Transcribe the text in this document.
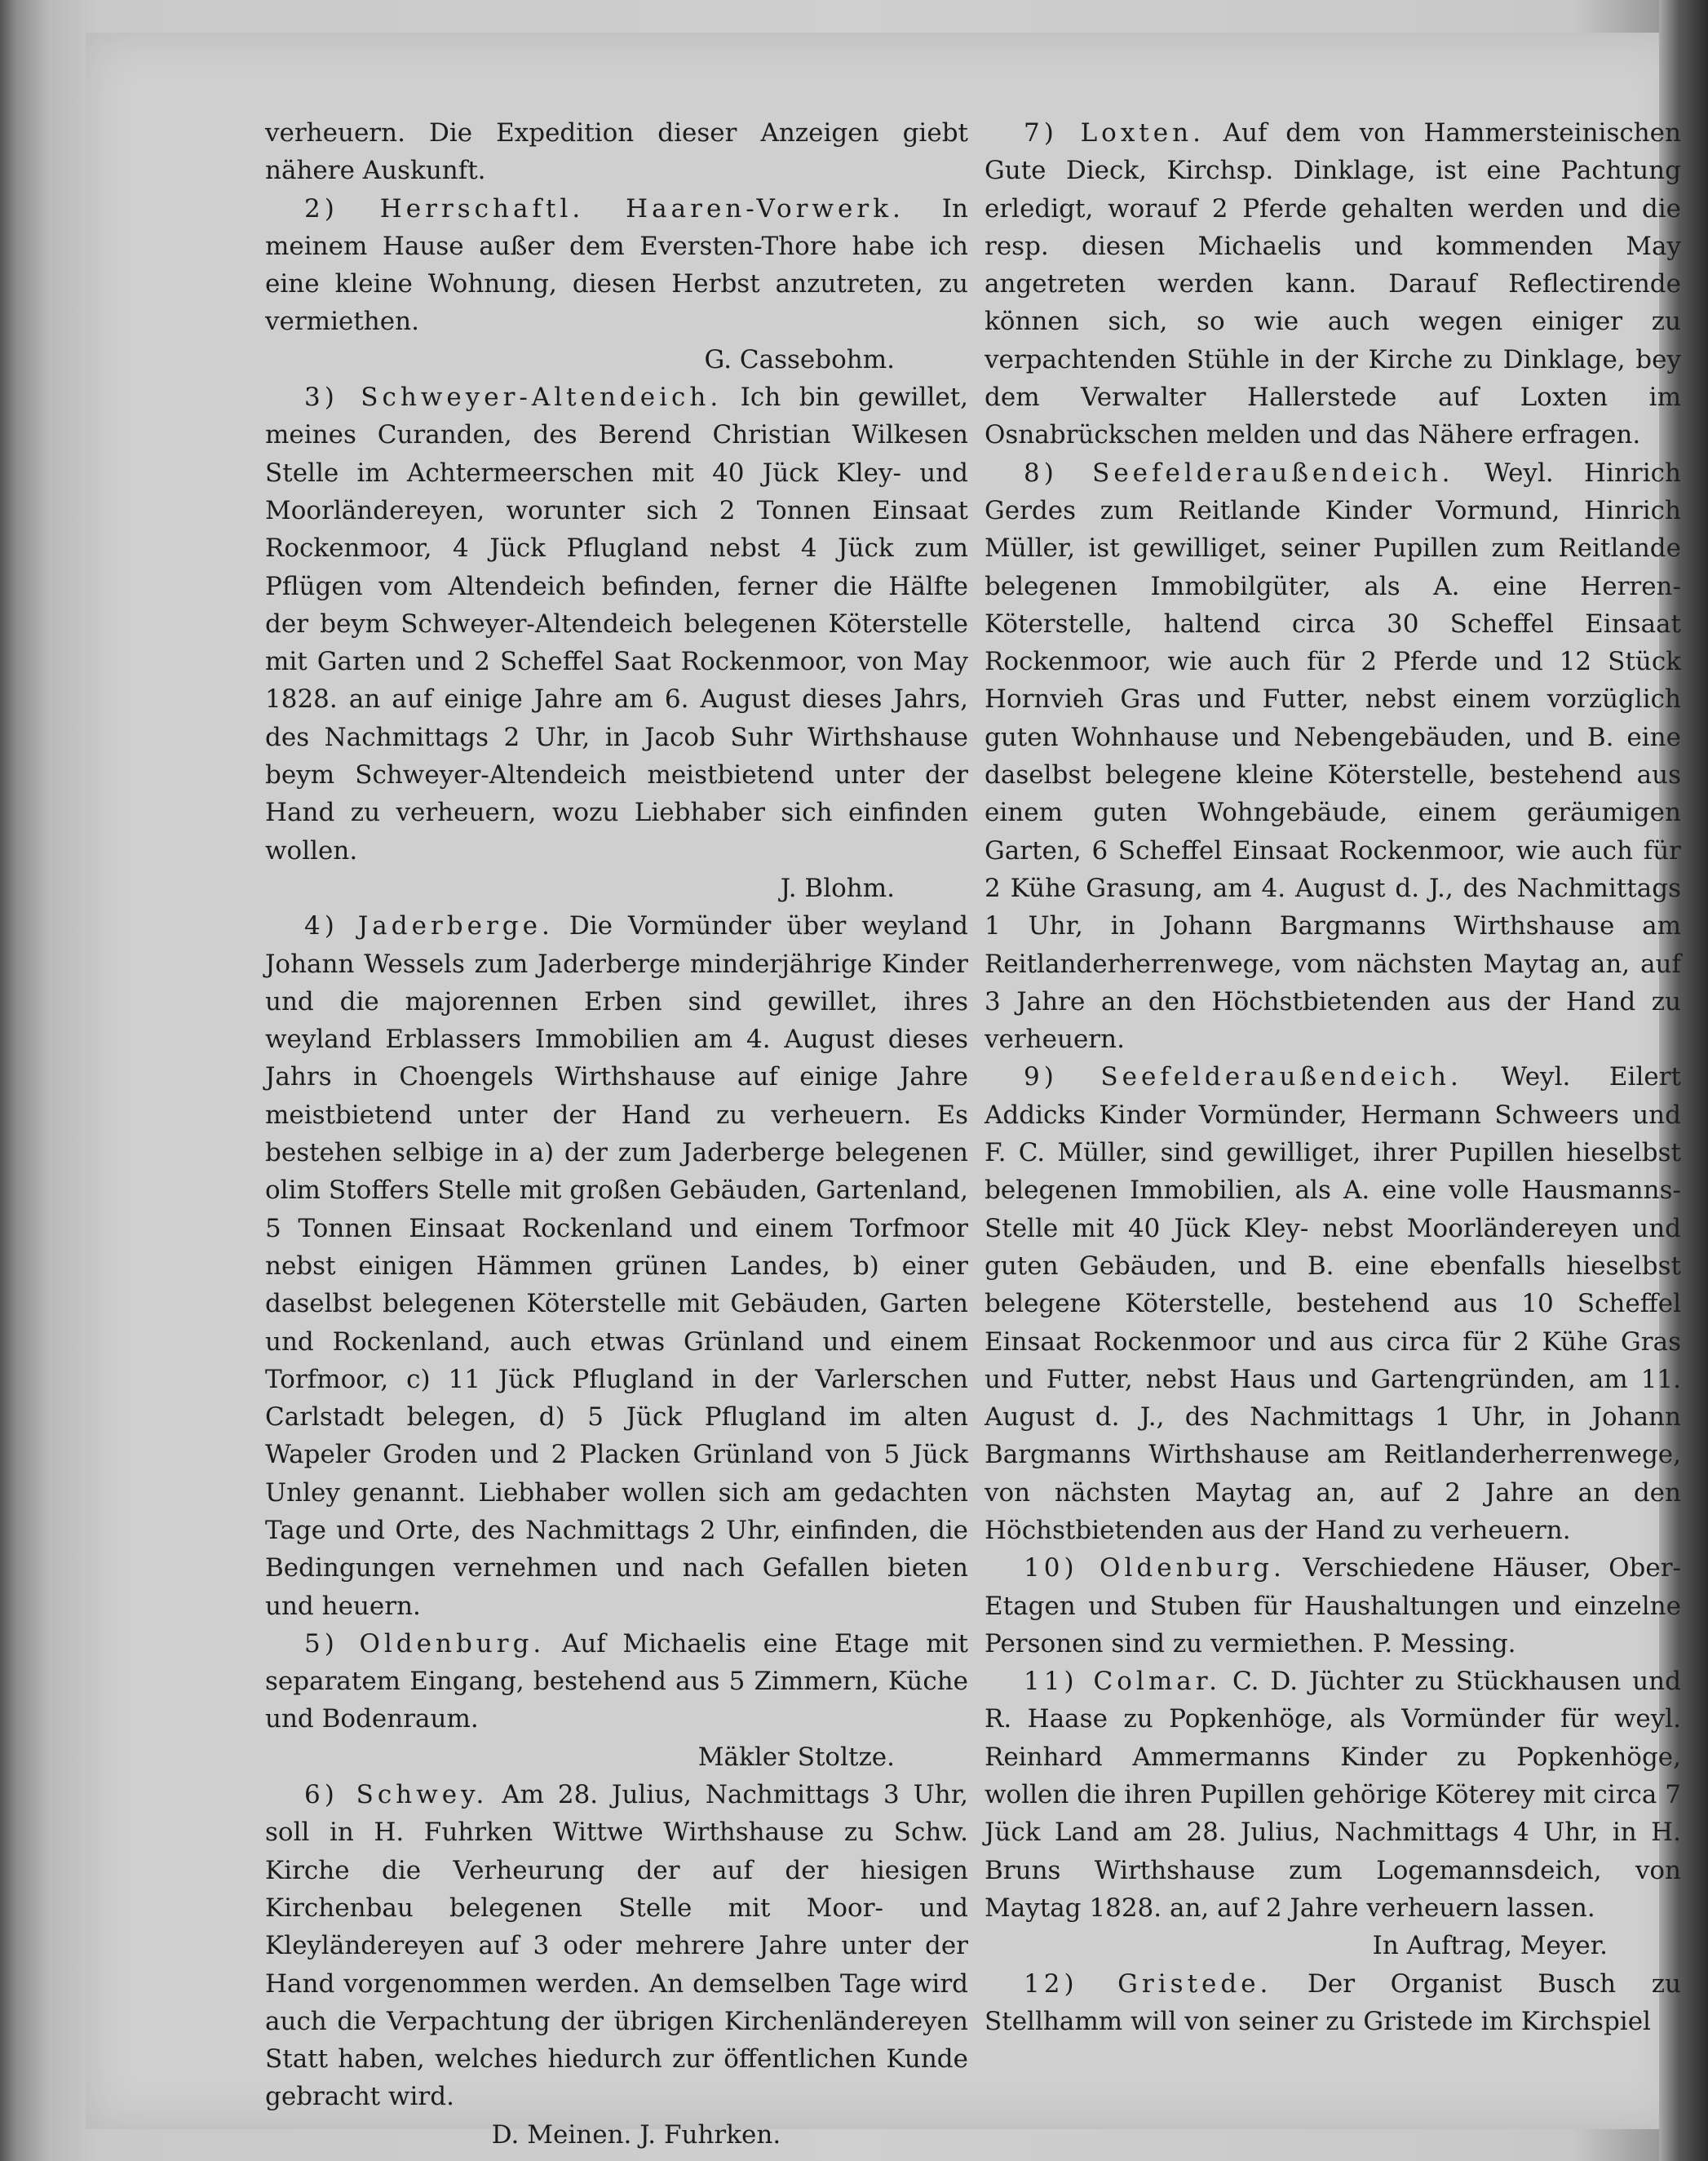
verheuern. Die Expedition dieser Anzeigen giebt nähere Auskunft.

2) Herrschaftl. Haaren-Vorwerk. In meinem Hause außer dem Eversten-Thore habe ich eine kleine Wohnung, diesen Herbst anzutreten, zu vermiethen.
G. Cassebohm.

3) Schweyer-Altendeich. Ich bin gewillet, meines Curanden, des Berend Christian Wilkesen Stelle im Achtermeerschen mit 40 Jück Kley- und Moorländereyen, worunter sich 2 Tonnen Einsaat Rockenmoor, 4 Jück Pflugland nebst 4 Jück zum Pflügen vom Altendeich befinden, ferner die Hälfte der beym Schweyer-Altendeich belegenen Köterstelle mit Garten und 2 Scheffel Saat Rockenmoor, von May 1828. an auf einige Jahre am 6. August dieses Jahrs, des Nachmittags 2 Uhr, in Jacob Suhr Wirthshause beym Schweyer-Altendeich meistbietend unter der Hand zu verheuern, wozu Liebhaber sich einfinden wollen.
J. Blohm.

4) Jaderberge. Die Vormünder über weyland Johann Wessels zum Jaderberge minderjährige Kinder und die majorennen Erben sind gewillet, ihres weyland Erblassers Immobilien am 4. August dieses Jahrs in Choengels Wirthshause auf einige Jahre meistbietend unter der Hand zu verheuern. Es bestehen selbige in a) der zum Jaderberge belegenen olim Stoffers Stelle mit großen Gebäuden, Gartenland, 5 Tonnen Einsaat Rockenland und einem Torfmoor nebst einigen Hämmen grünen Landes, b) einer daselbst belegenen Köterstelle mit Gebäuden, Garten und Rockenland, auch etwas Grünland und einem Torfmoor, c) 11 Jück Pflugland in der Varlerschen Carlstadt belegen, d) 5 Jück Pflugland im alten Wapeler Groden und 2 Placken Grünland von 5 Jück Unley genannt. Liebhaber wollen sich am gedachten Tage und Orte, des Nachmittags 2 Uhr, einfinden, die Bedingungen vernehmen und nach Gefallen bieten und heuern.

5) Oldenburg. Auf Michaelis eine Etage mit separatem Eingang, bestehend aus 5 Zimmern, Küche und Bodenraum.
Mäkler Stoltze.

6) Schwey. Am 28. Julius, Nachmittags 3 Uhr, soll in H. Fuhrken Wittwe Wirthshause zu Schw. Kirche die Verheurung der auf der hiesigen Kirchenbau belegenen Stelle mit Moor- und Kleyländereyen auf 3 oder mehrere Jahre unter der Hand vorgenommen werden. An demselben Tage wird auch die Verpachtung der übrigen Kirchenländereyen Statt haben, welches hiedurch zur öffentlichen Kunde gebracht wird.
D. Meinen. J. Fuhrken.

7) Loxten. Auf dem von Hammersteinischen Gute Dieck, Kirchsp. Dinklage, ist eine Pachtung erledigt, worauf 2 Pferde gehalten werden und die resp. diesen Michaelis und kommenden May angetreten werden kann. Darauf Reflectirende können sich, so wie auch wegen einiger zu verpachtenden Stühle in der Kirche zu Dinklage, bey dem Verwalter Hallerstede auf Loxten im Osnabrückschen melden und das Nähere erfragen.

8) Seefelderaußendeich. Weyl. Hinrich Gerdes zum Reitlande Kinder Vormund, Hinrich Müller, ist gewilliget, seiner Pupillen zum Reitlande belegenen Immobilgüter, als A. eine Herren-Köterstelle, haltend circa 30 Scheffel Einsaat Rockenmoor, wie auch für 2 Pferde und 12 Stück Hornvieh Gras und Futter, nebst einem vorzüglich guten Wohnhause und Nebengebäuden, und B. eine daselbst belegene kleine Köterstelle, bestehend aus einem guten Wohngebäude, einem geräumigen Garten, 6 Scheffel Einsaat Rockenmoor, wie auch für 2 Kühe Grasung, am 4. August d. J., des Nachmittags 1 Uhr, in Johann Bargmanns Wirthshause am Reitlanderherrenwege, vom nächsten Maytag an, auf 3 Jahre an den Höchstbietenden aus der Hand zu verheuern.

9) Seefelderaußendeich. Weyl. Eilert Addicks Kinder Vormünder, Hermann Schweers und F. C. Müller, sind gewilliget, ihrer Pupillen hieselbst belegenen Immobilien, als A. eine volle Hausmanns-Stelle mit 40 Jück Kley- nebst Moorländereyen und guten Gebäuden, und B. eine ebenfalls hieselbst belegene Köterstelle, bestehend aus 10 Scheffel Einsaat Rockenmoor und aus circa für 2 Kühe Gras und Futter, nebst Haus und Gartengründen, am 11. August d. J., des Nachmittags 1 Uhr, in Johann Bargmanns Wirthshause am Reitlanderherrenwege, von nächsten Maytag an, auf 2 Jahre an den Höchstbietenden aus der Hand zu verheuern.

10) Oldenburg. Verschiedene Häuser, Ober-Etagen und Stuben für Haushaltungen und einzelne Personen sind zu vermiethen. P. Messing.

11) Colmar. C. D. Jüchter zu Stückhausen und R. Haase zu Popkenhöge, als Vormünder für weyl. Reinhard Ammermanns Kinder zu Popkenhöge, wollen die ihren Pupillen gehörige Köterey mit circa 7 Jück Land am 28. Julius, Nachmittags 4 Uhr, in H. Bruns Wirthshause zum Logemannsdeich, von Maytag 1828. an, auf 2 Jahre verheuern lassen.
In Auftrag, Meyer.

12) Gristede. Der Organist Busch zu Stellhamm will von seiner zu Gristede im Kirchspiel
